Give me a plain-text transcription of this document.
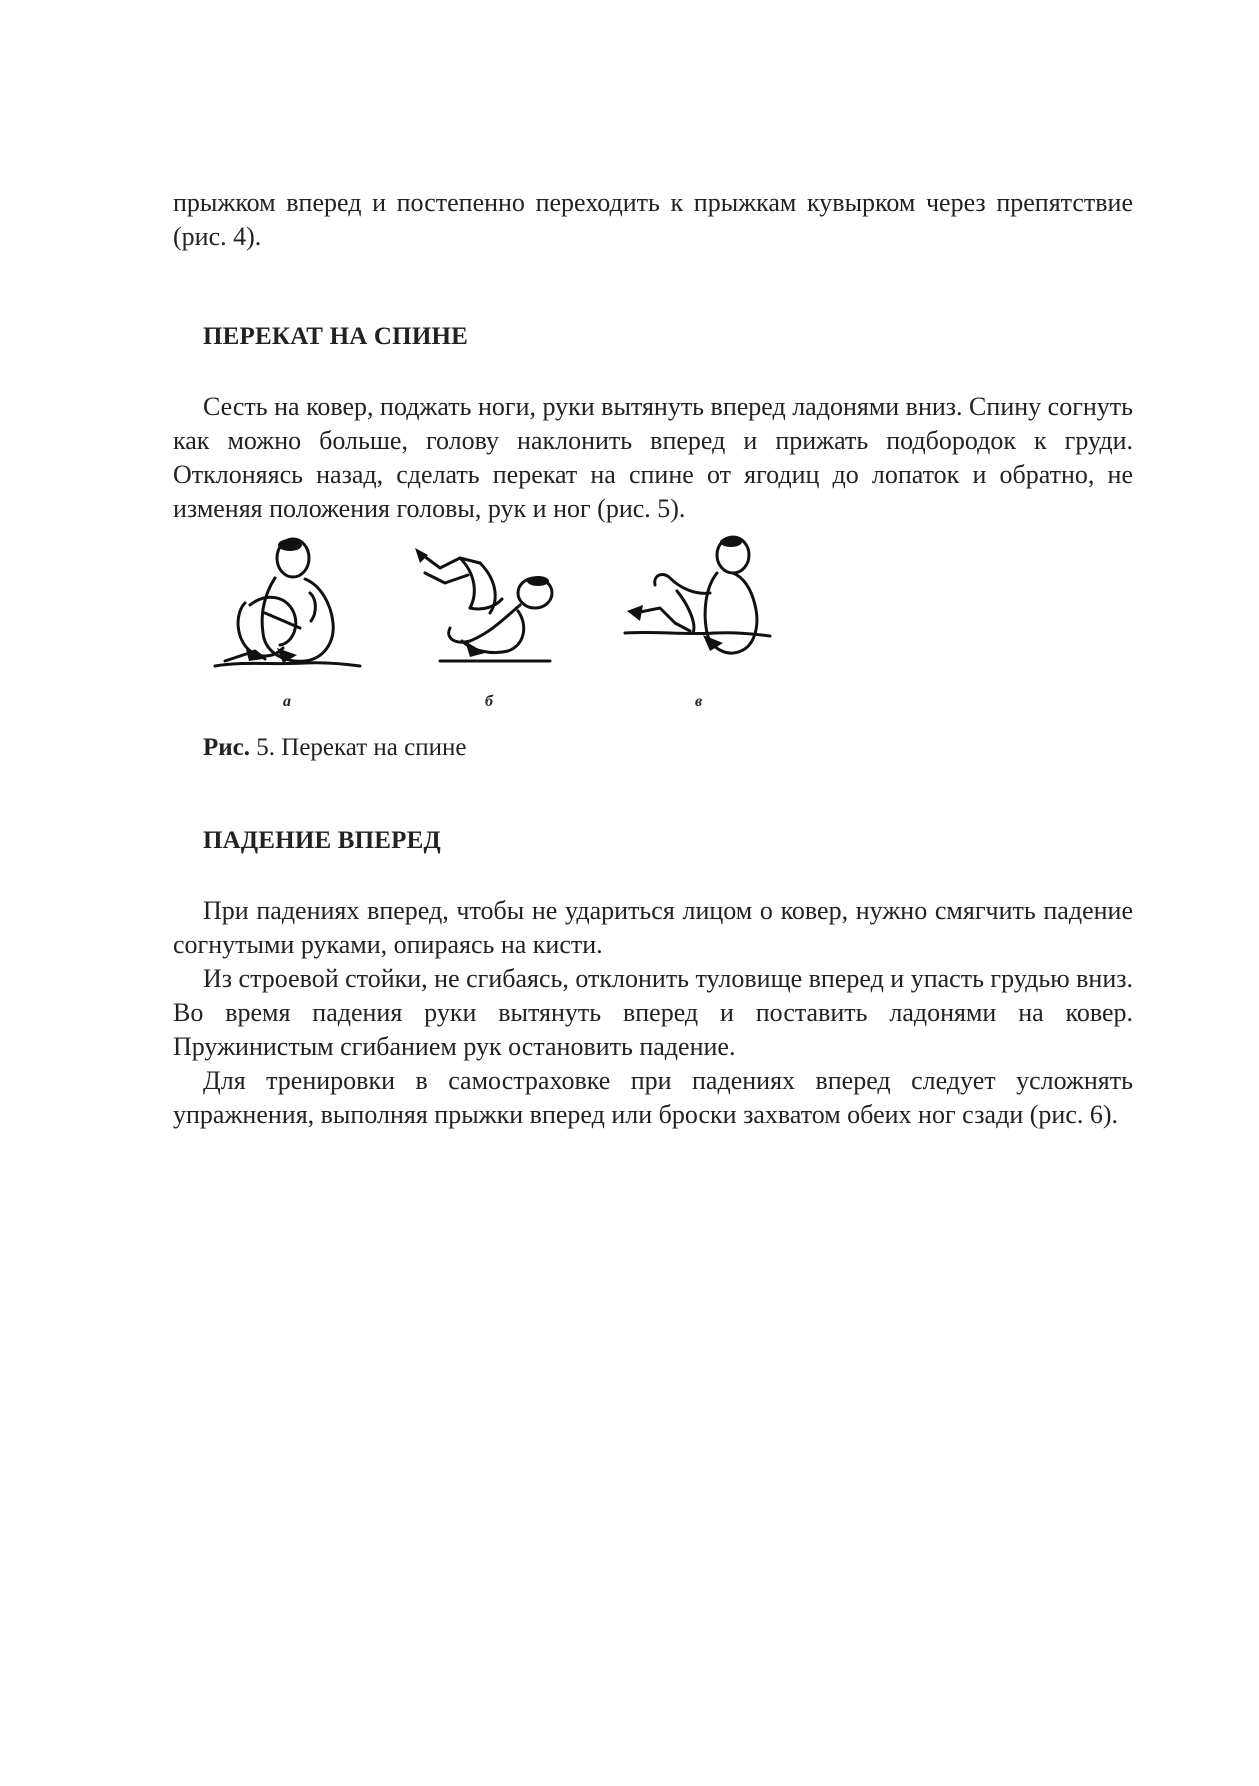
прыжком вперед и постепенно переходить к прыжкам кувырком через препятствие (рис. 4).

ПЕРЕКАТ НА СПИНЕ

Сесть на ковер, поджать ноги, руки вытянуть вперед ладонями вниз. Спину согнуть как можно больше, голову наклонить вперед и прижать подбородок к груди. Отклоняясь назад, сделать перекат на спине от ягодиц до лопаток и обратно, не изменяя положения головы, рук и ног (рис. 5).

а	б	в
Рис. 5. Перекат на спине
ПАДЕНИЕ ВПЕРЕД

При падениях вперед, чтобы не удариться лицом о ковер, нужно смягчить падение согнутыми руками, опираясь на кисти.

Из строевой стойки, не сгибаясь, отклонить туловище вперед и упасть грудью вниз. Во время падения руки вытянуть вперед и поставить ладонями на ковер. Пружинистым сгибанием рук остановить падение.

Для тренировки в самостраховке при падениях вперед следует усложнять упражнения, выполняя прыжки вперед или броски захватом обеих ног сзади (рис. 6).
